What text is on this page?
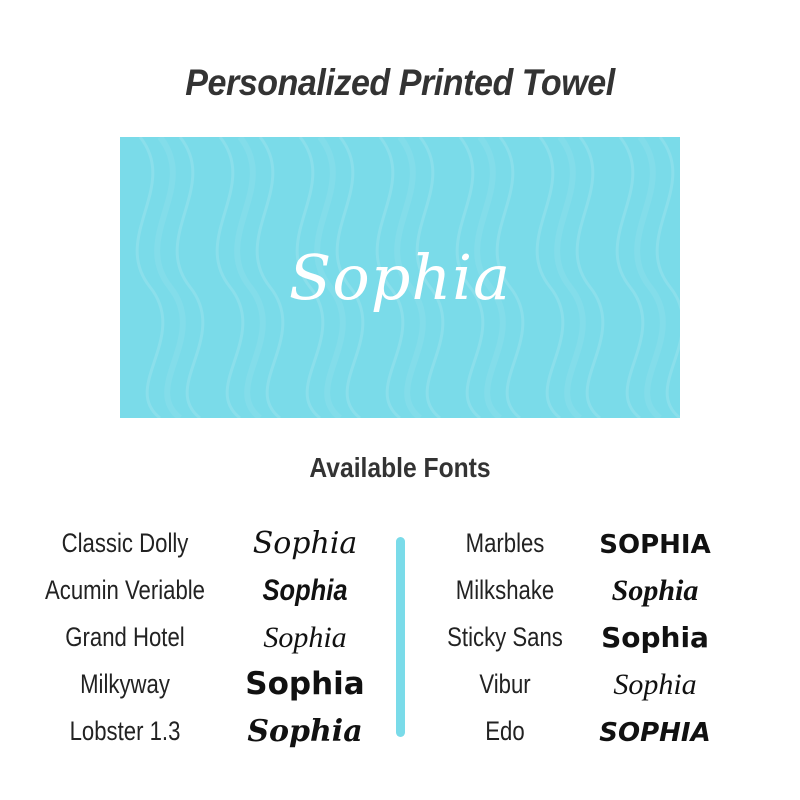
Personalized Printed Towel
Sophia
Available Fonts
Classic Dolly
Acumin Veriable
Grand Hotel
Milkyway
Lobster 1.3
Sophia
Sophia
Sophia
Sophia
Sophia
Marbles
Milkshake
Sticky Sans
Vibur
Edo
SOPHIA
Sophia
Sophia
Sophia
SOPHIA
